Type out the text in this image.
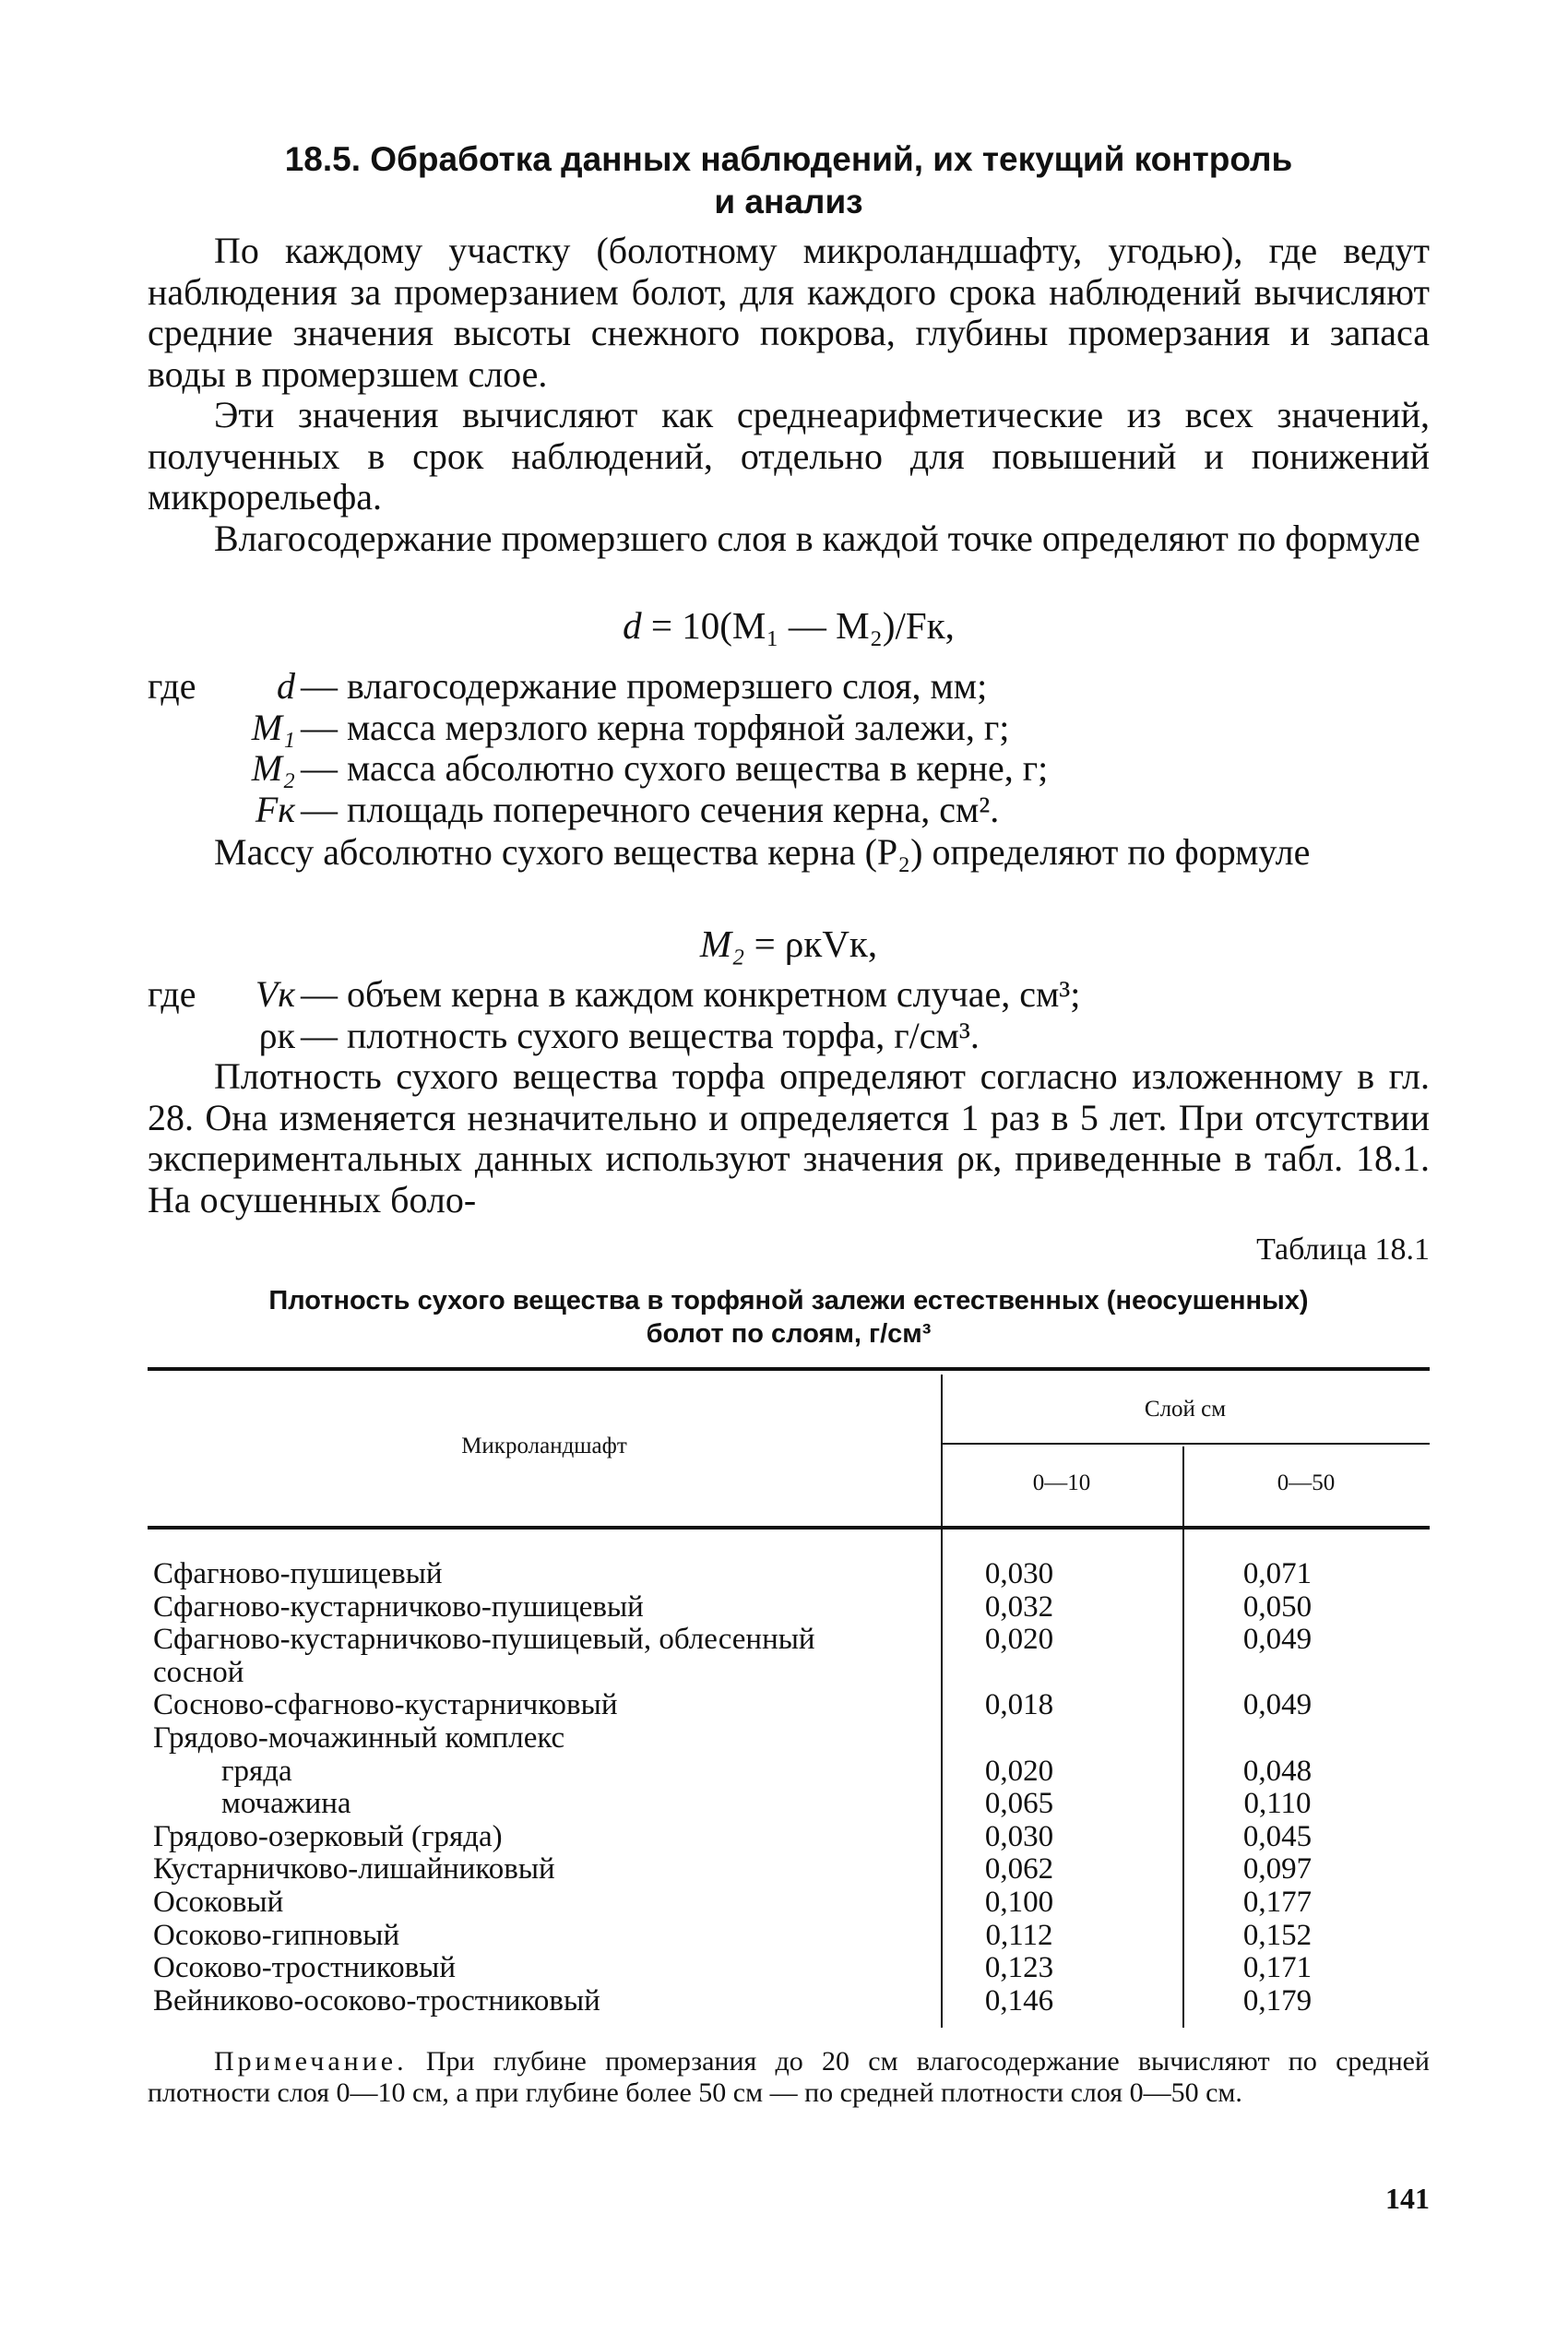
18.5. Обработка данных наблюдений, их текущий контроль
и анализ

По каждому участку (болотному микроландшафту, угодью), где ведут наблюдения за промерзанием болот, для каждого срока наблюдений вычисляют средние значения высоты снежного покрова, глубины промерзания и запаса воды в промерзшем слое.

Эти значения вычисляют как среднеарифметические из всех значений, полученных в срок наблюдений, отдельно для повышений и понижений микрорельефа.

Влагосодержание промерзшего слоя в каждой точке определяют по формуле

d = 10(M₁ — M₂)/Fк,
где	d — влагосодержание промерзшего слоя, мм;
M₁ — масса мерзлого керна торфяной залежи, г;
M₂ — масса абсолютно сухого вещества в керне, г;
Fк — площадь поперечного сечения керна, см².

Массу абсолютно сухого вещества керна (P₂) определяют по формуле

M₂ = ρкVк,
где	Vк — объем керна в каждом конкретном случае, см³;
ρк — плотность сухого вещества торфа, г/см³.

Плотность сухого вещества торфа определяют согласно изложенному в гл. 28. Она изменяется незначительно и определяется 1 раз в 5 лет. При отсутствии экспериментальных данных используют значения ρк, приведенные в табл. 18.1. На осушенных боло-

Таблица 18.1
Плотность сухого вещества в торфяной залежи естественных (неосушенных)
болот по слоям, г/см³
Микроландшафт
Слой см
0—10	0—50
Сфагново-пушицевый	0,030	0,071
Сфагново-кустарничково-пушицевый	0,032	0,050
Сфагново-кустарничково-пушицевый, облесенный
сосной
0,020	0,049
Сосново-сфагново-кустарничковый	0,018	0,049
Грядово-мочажинный комплекс
гряда	0,020	0,048
мочажина	0,065	0,110
Грядово-озерковый (гряда)	0,030	0,045
Кустарничково-лишайниковый	0,062	0,097
Осоковый	0,100	0,177
Осоково-гипновый	0,112	0,152
Осоково-тростниковый	0,123	0,171
Вейниково-осоково-тростниковый	0,146	0,179

Примечание. При глубине промерзания до 20 см влагосодержание вычисляют по средней плотности слоя 0—10 см, а при глубине более 50 см — по средней плотности слоя 0—50 см.

141
